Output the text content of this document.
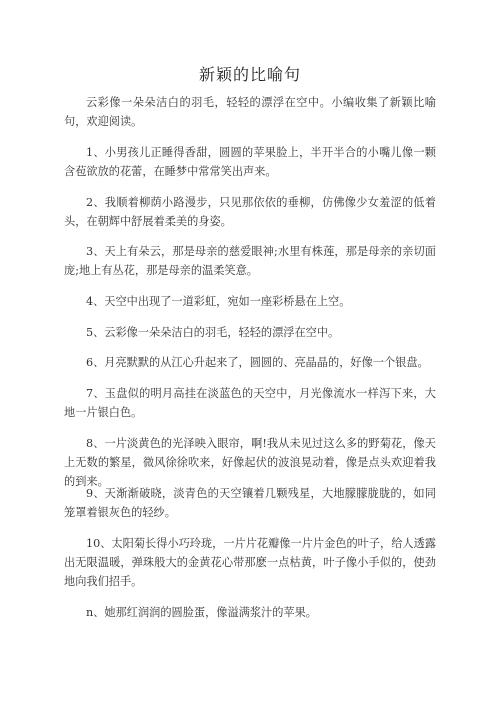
新颖的比喻句
云彩像一朵朵洁白的羽毛，轻轻的漂浮在空中。小编收集了新颖比喻句，欢迎阅读。
1、小男孩儿正睡得香甜，圆圆的苹果脸上，半开半合的小嘴儿像一颗含苞欲放的花蕾，在睡梦中常常笑出声来。
2、我顺着柳荫小路漫步，只见那依依的垂柳，仿佛像少女羞涩的低着头，在朝辉中舒展着柔美的身姿。
3、天上有朵云，那是母亲的慈爱眼神;水里有株莲，那是母亲的亲切面庞;地上有丛花，那是母亲的温柔笑意。
4、天空中出现了一道彩虹，宛如一座彩桥悬在上空。
5、云彩像一朵朵洁白的羽毛，轻轻的漂浮在空中。
6、月亮默默的从江心升起来了，圆圆的、亮晶晶的，好像一个银盘。
7、玉盘似的明月高挂在淡蓝色的天空中，月光像流水一样泻下来，大地一片银白色。
8、一片淡黄色的光泽映入眼帘，啊!我从未见过这么多的野菊花，像天上无数的繁星，微风徐徐吹来，好像起伏的波浪晃动着，像是点头欢迎着我的到来。
9、天渐渐破晓，淡青色的天空镶着几颗残星，大地朦朦胧胧的，如同笼罩着银灰色的轻纱。
10、太阳菊长得小巧玲珑，一片片花瓣像一片片金色的叶子，给人透露出无限温暖，弹珠般大的金黄花心带那麽一点枯黄，叶子像小手似的，使劲地向我们招手。
n、她那红润润的圆脸蛋，像溢满浆汁的苹果。
